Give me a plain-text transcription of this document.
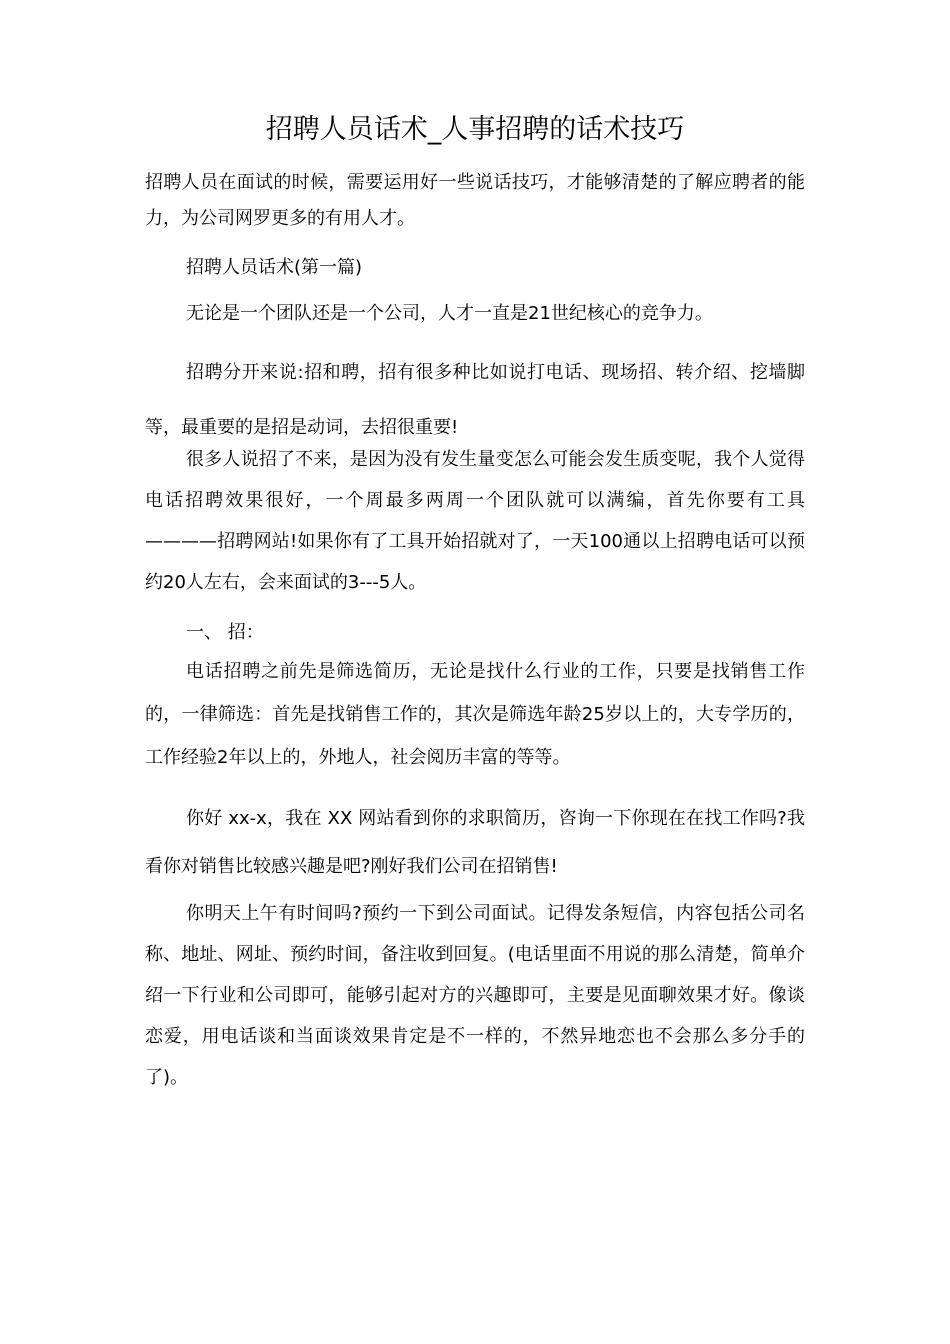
招聘人员话术_人事招聘的话术技巧
招聘人员在面试的时候，需要运用好一些说话技巧，才能够清楚的了解应聘者的能力，为公司网罗更多的有用人才。
招聘人员话术(第一篇)
无论是一个团队还是一个公司，人才一直是21世纪核心的竞争力。
招聘分开来说:招和聘，招有很多种比如说打电话、现场招、转介绍、挖墙脚等，最重要的是招是动词，去招很重要!
很多人说招了不来，是因为没有发生量变怎么可能会发生质变呢，我个人觉得电话招聘效果很好，一个周最多两周一个团队就可以满编，首先你要有工具————招聘网站!如果你有了工具开始招就对了，一天100通以上招聘电话可以预约20人左右，会来面试的3---5人。
一、 招：
电话招聘之前先是筛选简历，无论是找什么行业的工作，只要是找销售工作的，一律筛选：首先是找销售工作的，其次是筛选年龄25岁以上的，大专学历的，工作经验2年以上的，外地人，社会阅历丰富的等等。
你好 xx-x，我在 XX 网站看到你的求职简历，咨询一下你现在在找工作吗?我看你对销售比较感兴趣是吧?刚好我们公司在招销售!
你明天上午有时间吗?预约一下到公司面试。记得发条短信，内容包括公司名称、地址、网址、预约时间，备注收到回复。(电话里面不用说的那么清楚，简单介绍一下行业和公司即可，能够引起对方的兴趣即可，主要是见面聊效果才好。像谈恋爱，用电话谈和当面谈效果肯定是不一样的，不然异地恋也不会那么多分手的了)。
